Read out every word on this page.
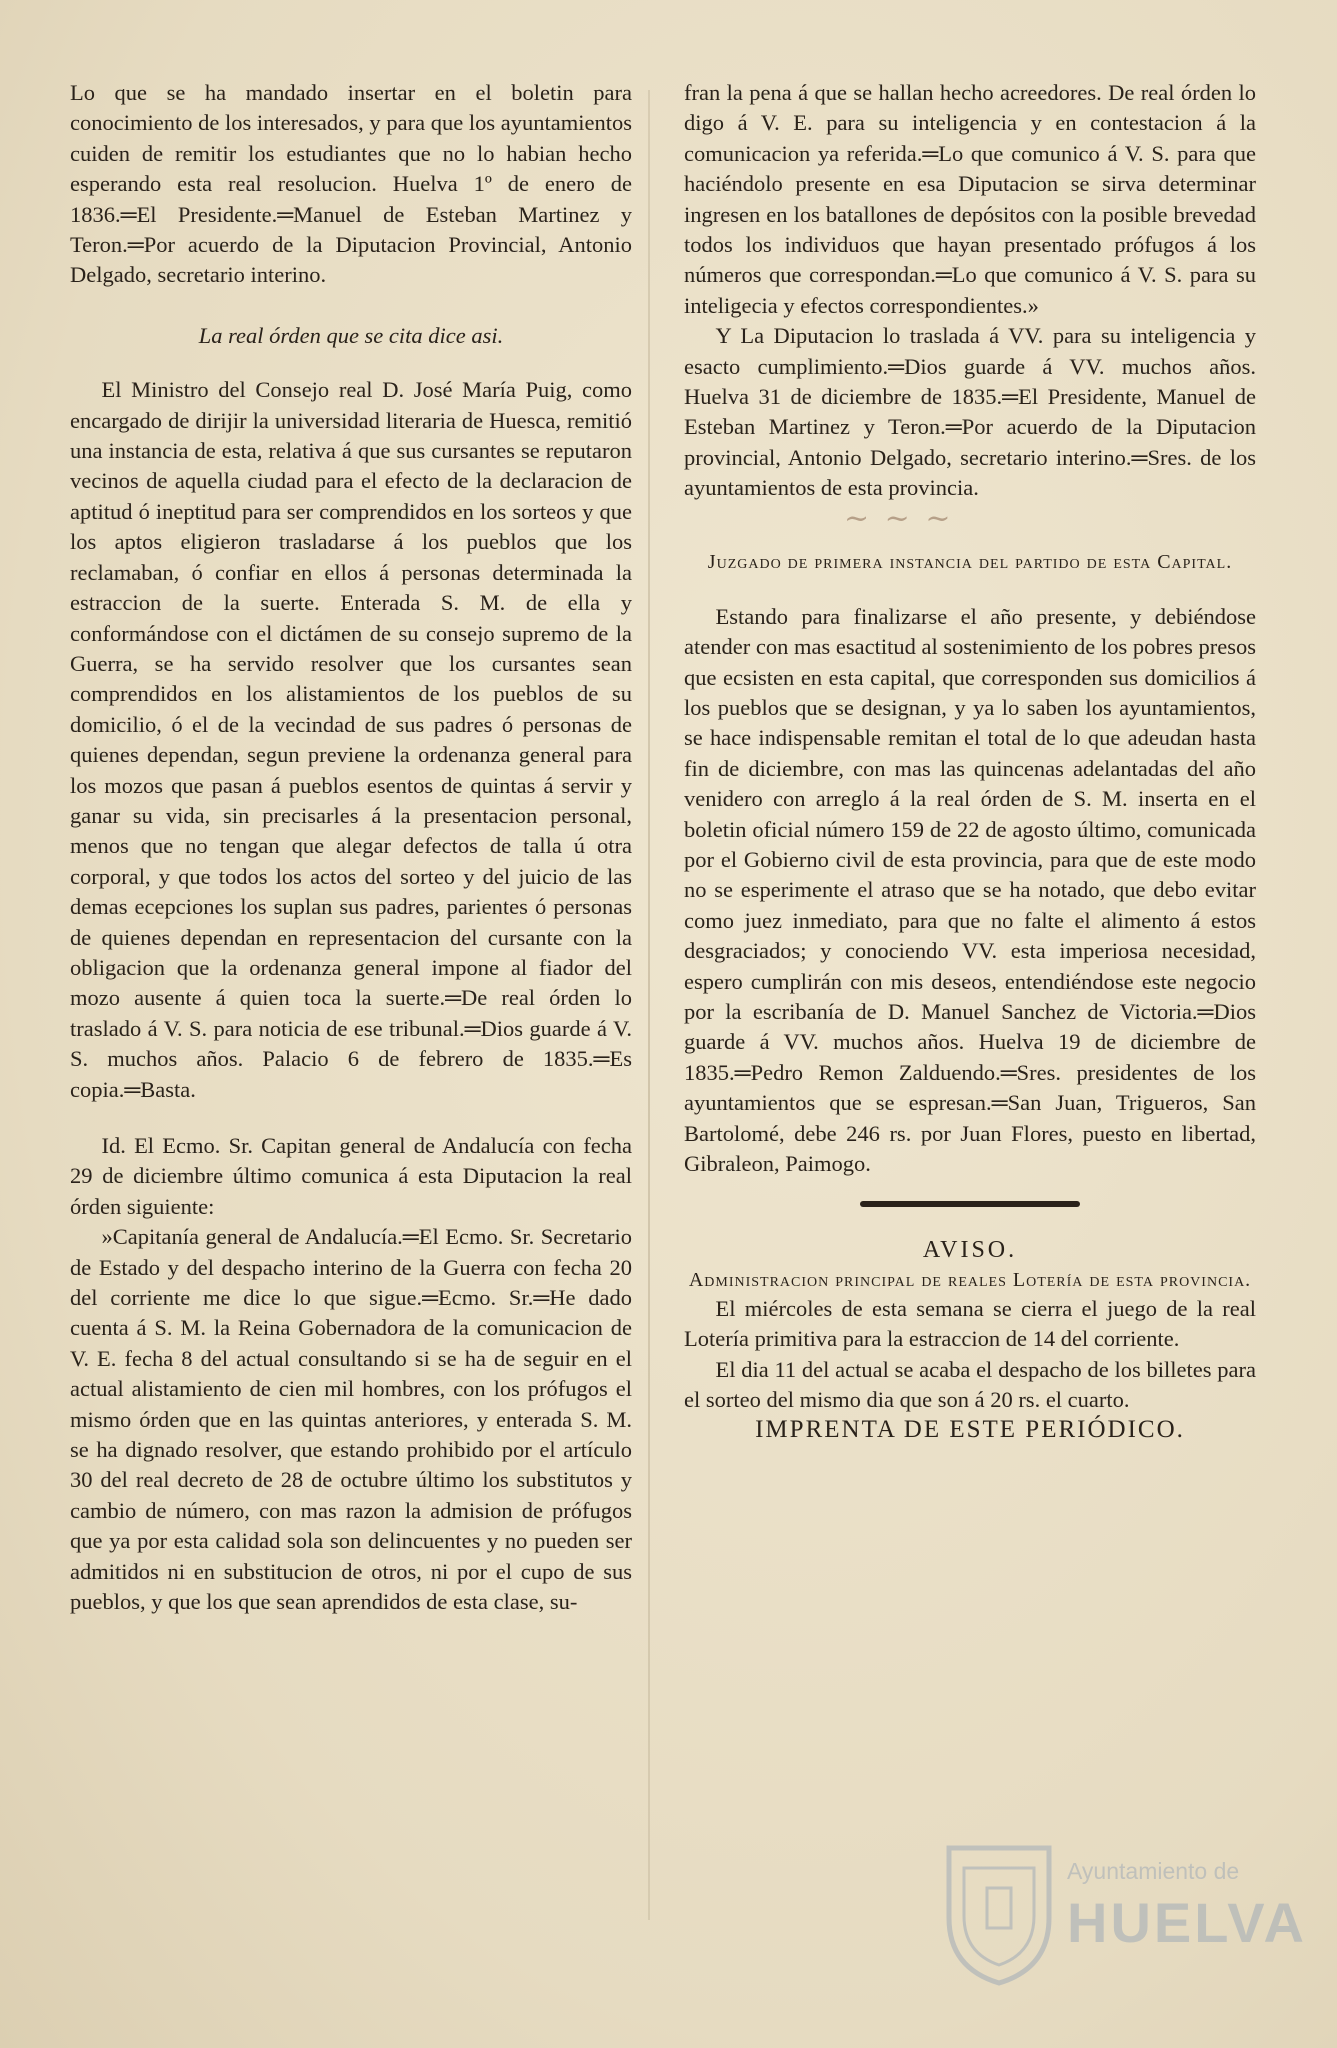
Lo que se ha mandado insertar en el boletin para conocimiento de los interesados, y para que los ayuntamientos cuiden de remitir los estudiantes que no lo habian hecho esperando esta real resolucion. Huelva 1º de enero de 1836.═El Presidente.═Manuel de Esteban Martinez y Teron.═Por acuerdo de la Diputacion Provincial, Antonio Delgado, secretario interino.

La real órden que se cita dice asi.

El Ministro del Consejo real D. José María Puig, como encargado de dirijir la universidad literaria de Huesca, remitió una instancia de esta, relativa á que sus cursantes se reputaron vecinos de aquella ciudad para el efecto de la declaracion de aptitud ó ineptitud para ser comprendidos en los sorteos y que los aptos eligieron trasladarse á los pueblos que los reclamaban, ó confiar en ellos á personas determinada la estraccion de la suerte. Enterada S. M. de ella y conformándose con el dictámen de su consejo supremo de la Guerra, se ha servido resolver que los cursantes sean comprendidos en los alistamientos de los pueblos de su domicilio, ó el de la vecindad de sus padres ó personas de quienes dependan, segun previene la ordenanza general para los mozos que pasan á pueblos esentos de quintas á servir y ganar su vida, sin precisarles á la presentacion personal, menos que no tengan que alegar defectos de talla ú otra corporal, y que todos los actos del sorteo y del juicio de las demas ecepciones los suplan sus padres, parientes ó personas de quienes dependan en representacion del cursante con la obligacion que la ordenanza general impone al fiador del mozo ausente á quien toca la suerte.═De real órden lo traslado á V. S. para noticia de ese tribunal.═Dios guarde á V. S. muchos años. Palacio 6 de febrero de 1835.═Es copia.═Basta.

Id. El Ecmo. Sr. Capitan general de Andalucía con fecha 29 de diciembre último comunica á esta Diputacion la real órden siguiente:

»Capitanía general de Andalucía.═El Ecmo. Sr. Secretario de Estado y del despacho interino de la Guerra con fecha 20 del corriente me dice lo que sigue.═Ecmo. Sr.═He dado cuenta á S. M. la Reina Gobernadora de la comunicacion de V. E. fecha 8 del actual consultando si se ha de seguir en el actual alistamiento de cien mil hombres, con los prófugos el mismo órden que en las quintas anteriores, y enterada S. M. se ha dignado resolver, que estando prohibido por el artículo 30 del real decreto de 28 de octubre último los substitutos y cambio de número, con mas razon la admision de prófugos que ya por esta calidad sola son delincuentes y no pueden ser admitidos ni en substitucion de otros, ni por el cupo de sus pueblos, y que los que sean aprendidos de esta clase, su-

fran la pena á que se hallan hecho acreedores. De real órden lo digo á V. E. para su inteligencia y en contestacion á la comunicacion ya referida.═Lo que comunico á V. S. para que haciéndolo presente en esa Diputacion se sirva determinar ingresen en los batallones de depósitos con la posible brevedad todos los individuos que hayan presentado prófugos á los números que correspondan.═Lo que comunico á V. S. para su inteligecia y efectos correspondientes.»

Y La Diputacion lo traslada á VV. para su inteligencia y esacto cumplimiento.═Dios guarde á VV. muchos años. Huelva 31 de diciembre de 1835.═El Presidente, Manuel de Esteban Martinez y Teron.═Por acuerdo de la Diputacion provincial, Antonio Delgado, secretario interino.═Sres. de los ayuntamientos de esta provincia.

~ ~ ~

Juzgado de primera instancia del partido de esta Capital.

Estando para finalizarse el año presente, y debiéndose atender con mas esactitud al sostenimiento de los pobres presos que ecsisten en esta capital, que corresponden sus domicilios á los pueblos que se designan, y ya lo saben los ayuntamientos, se hace indispensable remitan el total de lo que adeudan hasta fin de diciembre, con mas las quincenas adelantadas del año venidero con arreglo á la real órden de S. M. inserta en el boletin oficial número 159 de 22 de agosto último, comunicada por el Gobierno civil de esta provincia, para que de este modo no se esperimente el atraso que se ha notado, que debo evitar como juez inmediato, para que no falte el alimento á estos desgraciados; y conociendo VV. esta imperiosa necesidad, espero cumplirán con mis deseos, entendiéndose este negocio por la escribanía de D. Manuel Sanchez de Victoria.═Dios guarde á VV. muchos años. Huelva 19 de diciembre de 1835.═Pedro Remon Zalduendo.═Sres. presidentes de los ayuntamientos que se espresan.═San Juan, Trigueros, San Bartolomé, debe 246 rs. por Juan Flores, puesto en libertad, Gibraleon, Paimogo.

AVISO.

Administracion principal de reales Lotería de esta provincia.

El miércoles de esta semana se cierra el juego de la real Lotería primitiva para la estraccion de 14 del corriente.

El dia 11 del actual se acaba el despacho de los billetes para el sorteo del mismo dia que son á 20 rs. el cuarto.

IMPRENTA DE ESTE PERIÓDICO.

Ayuntamiento de
HUELVA
